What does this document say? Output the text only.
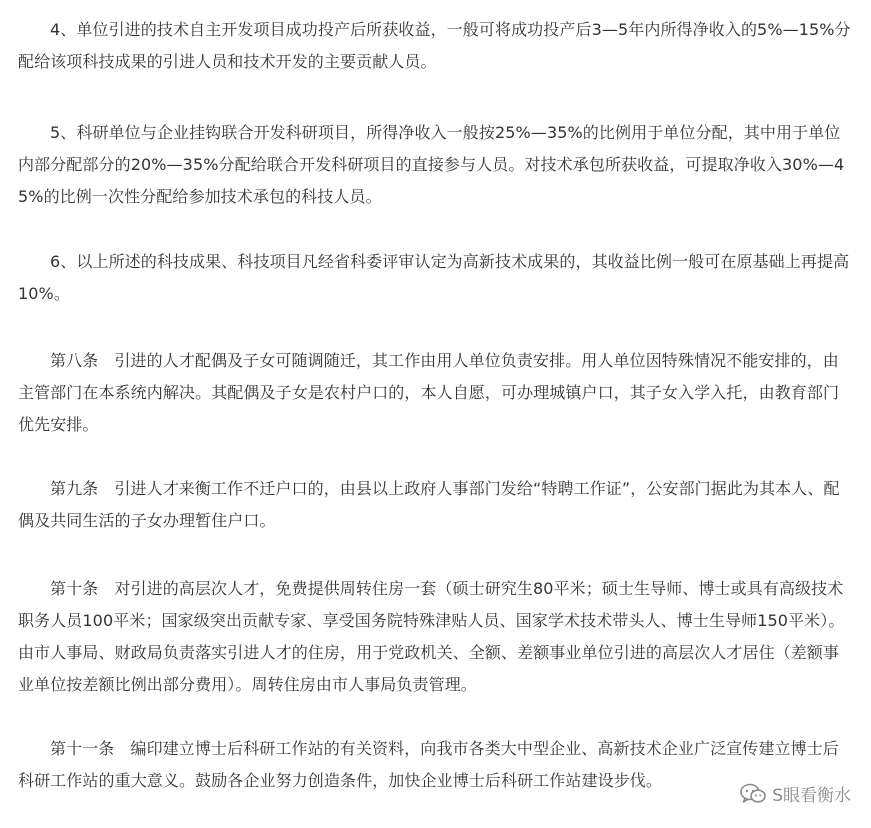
4、单位引进的技术自主开发项目成功投产后所获收益，一般可将成功投产后3—5年内所得净收入的5%—15%分配给该项科技成果的引进人员和技术开发的主要贡献人员。

5、科研单位与企业挂钩联合开发科研项目，所得净收入一般按25%—35%的比例用于单位分配，其中用于单位内部分配部分的20%—35%分配给联合开发科研项目的直接参与人员。对技术承包所获收益，可提取净收入30%—45%的比例一次性分配给参加技术承包的科技人员。

6、以上所述的科技成果、科技项目凡经省科委评审认定为高新技术成果的，其收益比例一般可在原基础上再提高10%。

第八条　引进的人才配偶及子女可随调随迁，其工作由用人单位负责安排。用人单位因特殊情况不能安排的，由主管部门在本系统内解决。其配偶及子女是农村户口的，本人自愿，可办理城镇户口，其子女入学入托，由教育部门优先安排。

第九条　引进人才来衡工作不迁户口的，由县以上政府人事部门发给“特聘工作证”，公安部门据此为其本人、配偶及共同生活的子女办理暂住户口。

第十条　对引进的高层次人才，免费提供周转住房一套（硕士研究生80平米；硕士生导师、博士或具有高级技术职务人员100平米；国家级突出贡献专家、享受国务院特殊津贴人员、国家学术技术带头人、博士生导师150平米）。由市人事局、财政局负责落实引进人才的住房，用于党政机关、全额、差额事业单位引进的高层次人才居住（差额事业单位按差额比例出部分费用）。周转住房由市人事局负责管理。

第十一条　编印建立博士后科研工作站的有关资料，向我市各类大中型企业、高新技术企业广泛宣传建立博士后科研工作站的重大意义。鼓励各企业努力创造条件，加快企业博士后科研工作站建设步伐。

S眼看衡水
